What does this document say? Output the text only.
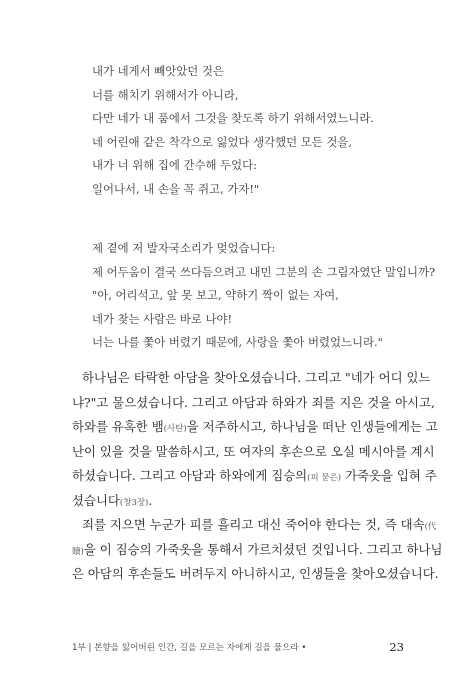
내가 네게서 빼앗았던 것은
너를 해치기 위해서가 아니라,
다만 네가 내 품에서 그것을 찾도록 하기 위해서였느니라.
네 어린애 같은 착각으로 잃었다 생각했던 모든 것을,
내가 너 위해 집에 간수해 두었다:
일어나서, 내 손을 꼭 쥐고, 가자!"
제 곁에 저 발자국소리가 멎었습니다:
제 어두움이 결국 쓰다듬으려고 내민 그분의 손 그림자였단 말입니까?
"아, 어리석고, 앞 못 보고, 약하기 짝이 없는 자여,
네가 찾는 사람은 바로 나야!
너는 나를 쫓아 버렸기 때문에, 사랑을 쫓아 버렸었느니라."
하나님은 타락한 아담을 찾아오셨습니다. 그리고 "네가 어디 있느
냐?"고 물으셨습니다. 그리고 아담과 하와가 죄를 지은 것을 아시고,
하와를 유혹한 뱀(사탄)을 저주하시고, 하나님을 떠난 인생들에게는 고
난이 있을 것을 말씀하시고, 또 여자의 후손으로 오실 메시아를 계시
하셨습니다. 그리고 아담과 하와에게 짐승의(피 묻은) 가죽옷을 입혀 주
셨습니다(창3장).
죄를 지으면 누군가 피를 흘리고 대신 죽어야 한다는 것, 즉 대속(代
贖)을 이 짐승의 가죽옷을 통해서 가르치셨던 것입니다. 그리고 하나님
은 아담의 후손들도 버려두지 아니하시고, 인생들을 찾아오셨습니다.
1부 | 본향을 잃어버린 인간, 길을 모르는 자에게 길을 물으라 •	23
